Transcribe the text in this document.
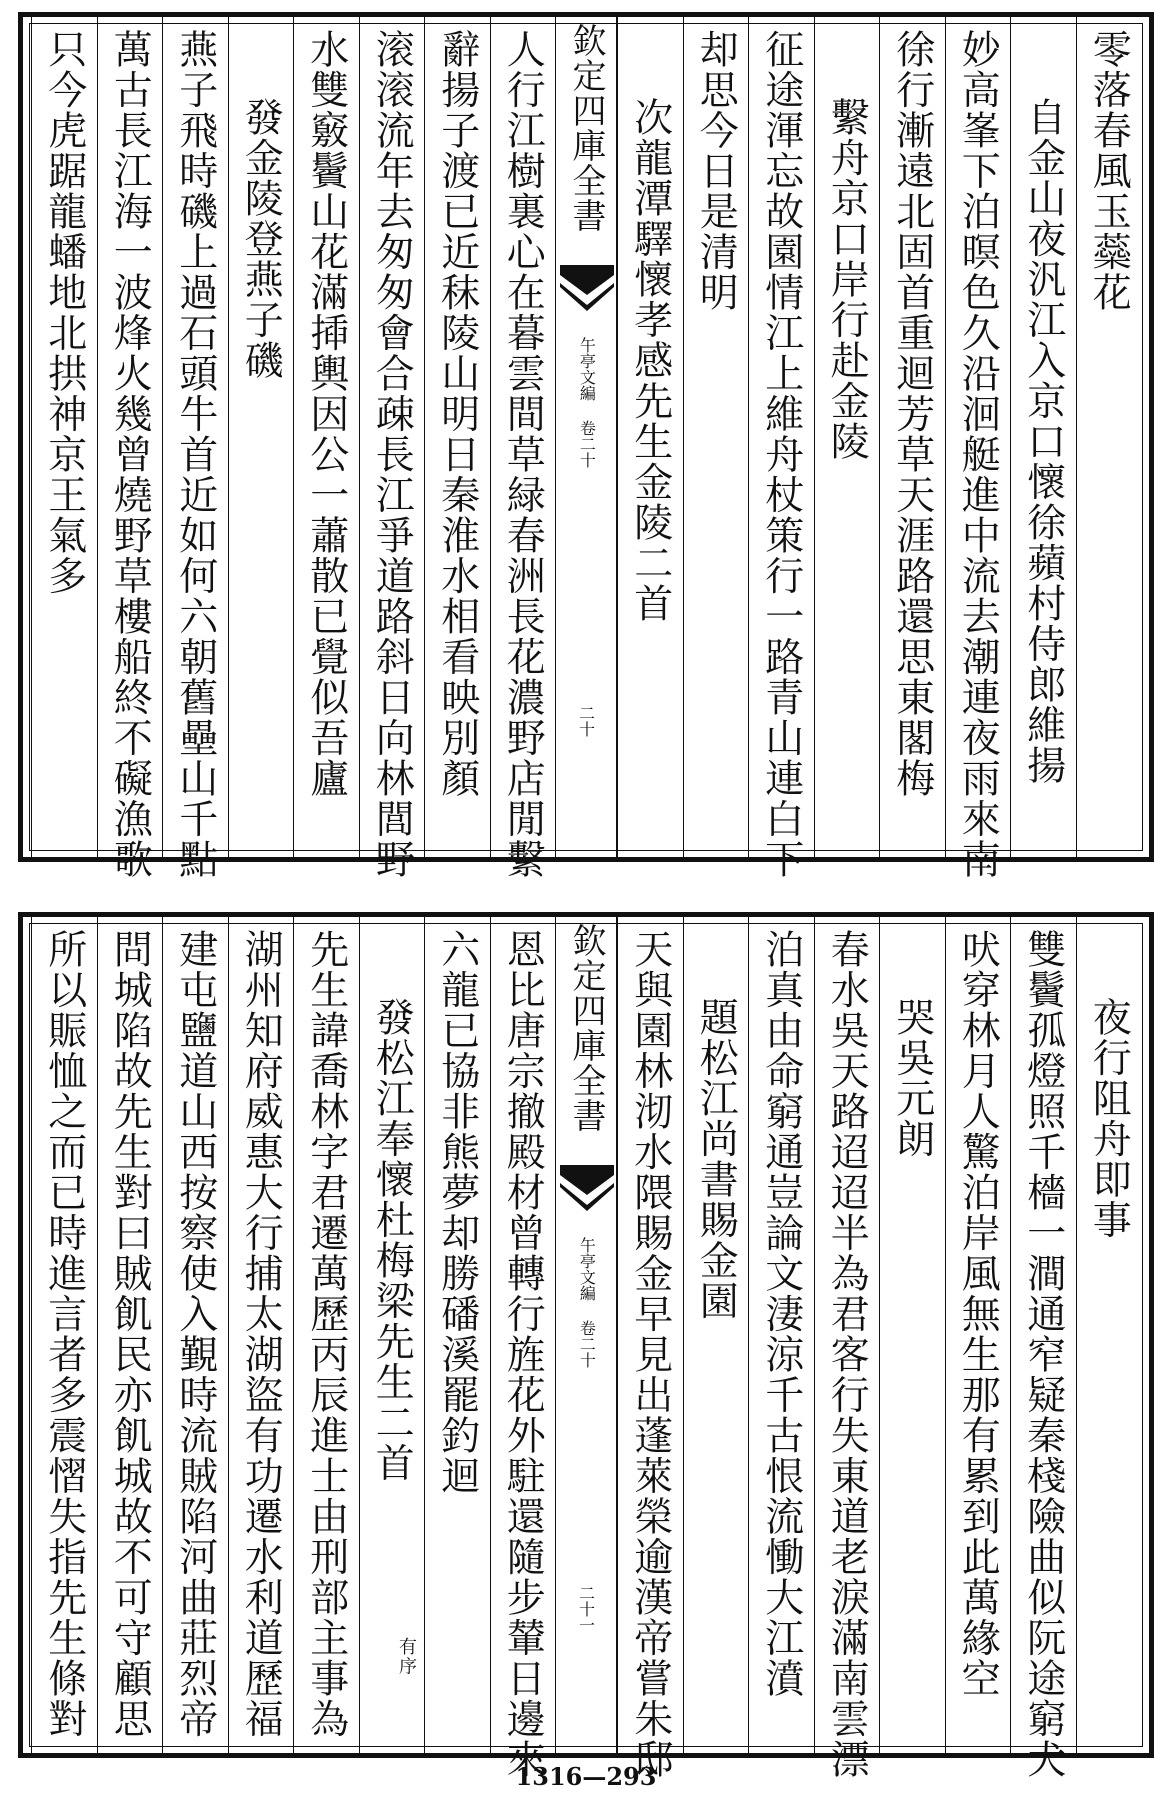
零落春風玉蘂花
自金山夜汎江入京口懷徐蘋村侍郎維揚
妙高峯下泊暝色久沿洄艇進中流去潮連夜雨來南
徐行漸遠北固首重迴芳草天涯路還思東閣梅
繫舟京口岸行赴金陵
征途渾忘故園情江上維舟杖策行一路青山連白下
却思今日是清明
次龍潭驛懷孝感先生金陵二首
人行江樹裏心在暮雲間草緑春洲長花濃野店閒繫
辭揚子渡已近秣陵山明日秦淮水相看映別顏
滚滚流年去匆匆會合疎長江爭道路斜日向林閭野
水雙竅鬢山花滿揷輿因公一蕭散已覺似吾廬
發金陵登燕子磯
燕子飛時磯上過石頭牛首近如何六朝舊壘山千點
萬古長江海一波烽火幾曾燒野草樓船終不礙漁歌
只今虎踞龍蟠地北拱神京王氣多	欽定四庫全書
午亭文編 卷二十
二十
夜行阻舟即事
雙鬢孤燈照千檣一澗通窄疑秦棧險曲似阮途窮犬
吠穿林月人驚泊岸風無生那有累到此萬緣空
哭吳元朗
春水吳天路迢迢半為君客行失東道老淚滿南雲漂
泊真由命窮通豈論文淒涼千古恨流慟大江濆
題松江尚書賜金園
天與園林沏水隈賜金早見出蓬萊榮逾漢帝嘗朱邸
恩比唐宗撤殿材曾轉行旌花外駐還隨步輦日邊來
六龍已協非熊夢却勝磻溪罷釣迴
發松江奉懷杜梅梁先生二首
有序
先生諱喬林字君遷萬歷丙辰進士由刑部主事為
湖州知府威惠大行捕太湖盜有功遷水利道歷福
建屯鹽道山西按察使入覲時流賊陷河曲莊烈帝
問城陷故先生對曰賊飢民亦飢城故不可守顧思
所以賑恤之而已時進言者多震慴失指先生條對	欽定四庫全書
午亭文編 卷二十
二十一
1316—293
